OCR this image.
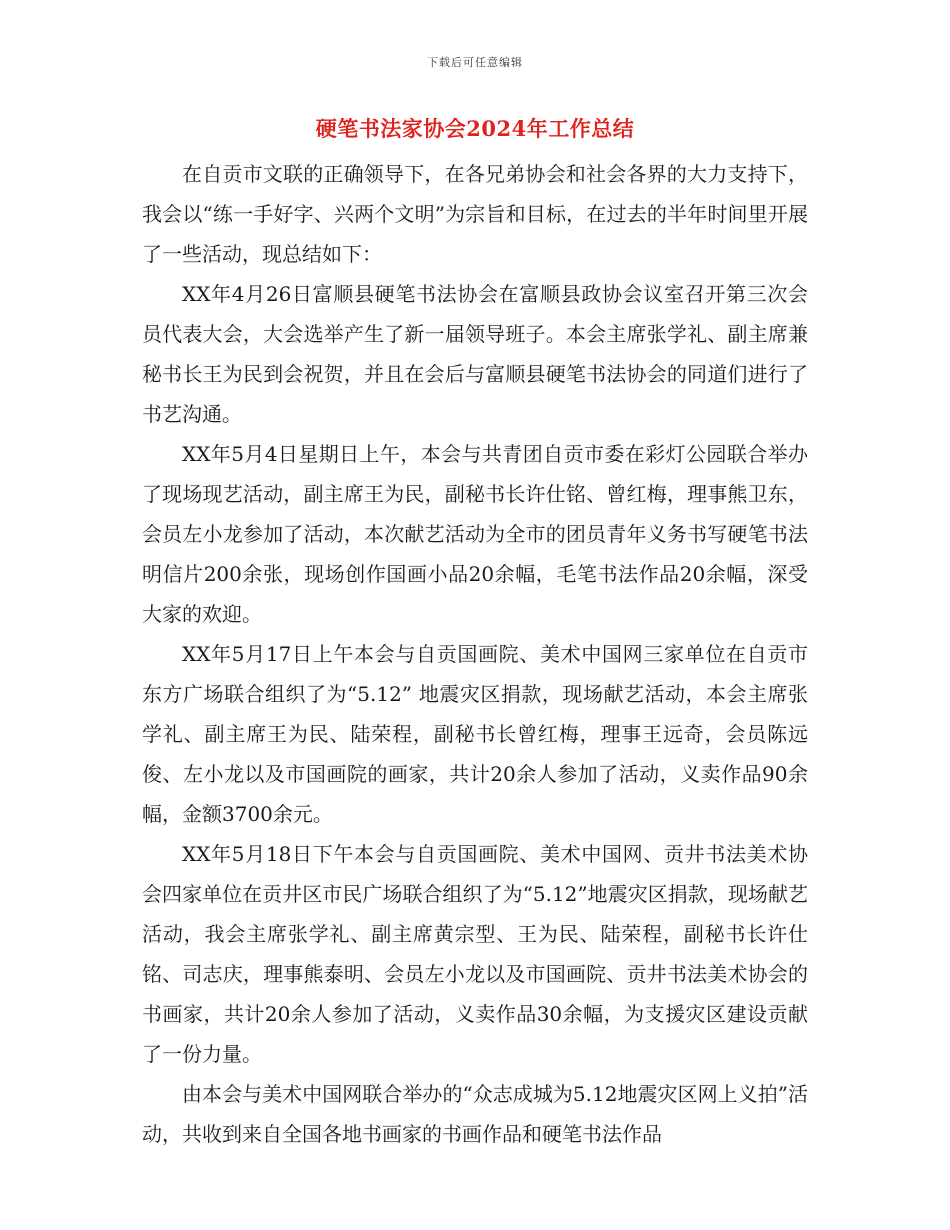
下载后可任意编辑
硬笔书法家协会2024年工作总结

在自贡市文联的正确领导下，在各兄弟协会和社会各界的大力支持下，我会以“练一手好字、兴两个文明”为宗旨和目标，在过去的半年时间里开展了一些活动，现总结如下：

XX年4月26日富顺县硬笔书法协会在富顺县政协会议室召开第三次会员代表大会，大会选举产生了新一届领导班子。本会主席张学礼、副主席兼秘书长王为民到会祝贺，并且在会后与富顺县硬笔书法协会的同道们进行了书艺沟通。

XX年5月4日星期日上午，本会与共青团自贡市委在彩灯公园联合举办了现场现艺活动，副主席王为民，副秘书长许仕铭、曾红梅，理事熊卫东，会员左小龙参加了活动，本次献艺活动为全市的团员青年义务书写硬笔书法明信片200余张，现场创作国画小品20余幅，毛笔书法作品20余幅，深受大家的欢迎。

XX年5月17日上午本会与自贡国画院、美术中国网三家单位在自贡市东方广场联合组织了为“5.12” 地震灾区捐款，现场献艺活动，本会主席张学礼、副主席王为民、陆荣程，副秘书长曾红梅，理事王远奇，会员陈远俊、左小龙以及市国画院的画家，共计20余人参加了活动，义卖作品90余幅，金额3700余元。

XX年5月18日下午本会与自贡国画院、美术中国网、贡井书法美术协会四家单位在贡井区市民广场联合组织了为“5.12”地震灾区捐款，现场献艺活动，我会主席张学礼、副主席黄宗型、王为民、陆荣程，副秘书长许仕铭、司志庆，理事熊泰明、会员左小龙以及市国画院、贡井书法美术协会的书画家，共计20余人参加了活动，义卖作品30余幅，为支援灾区建设贡献了一份力量。

由本会与美术中国网联合举办的“众志成城为5.12地震灾区网上义拍”活动，共收到来自全国各地书画家的书画作品和硬笔书法作品
